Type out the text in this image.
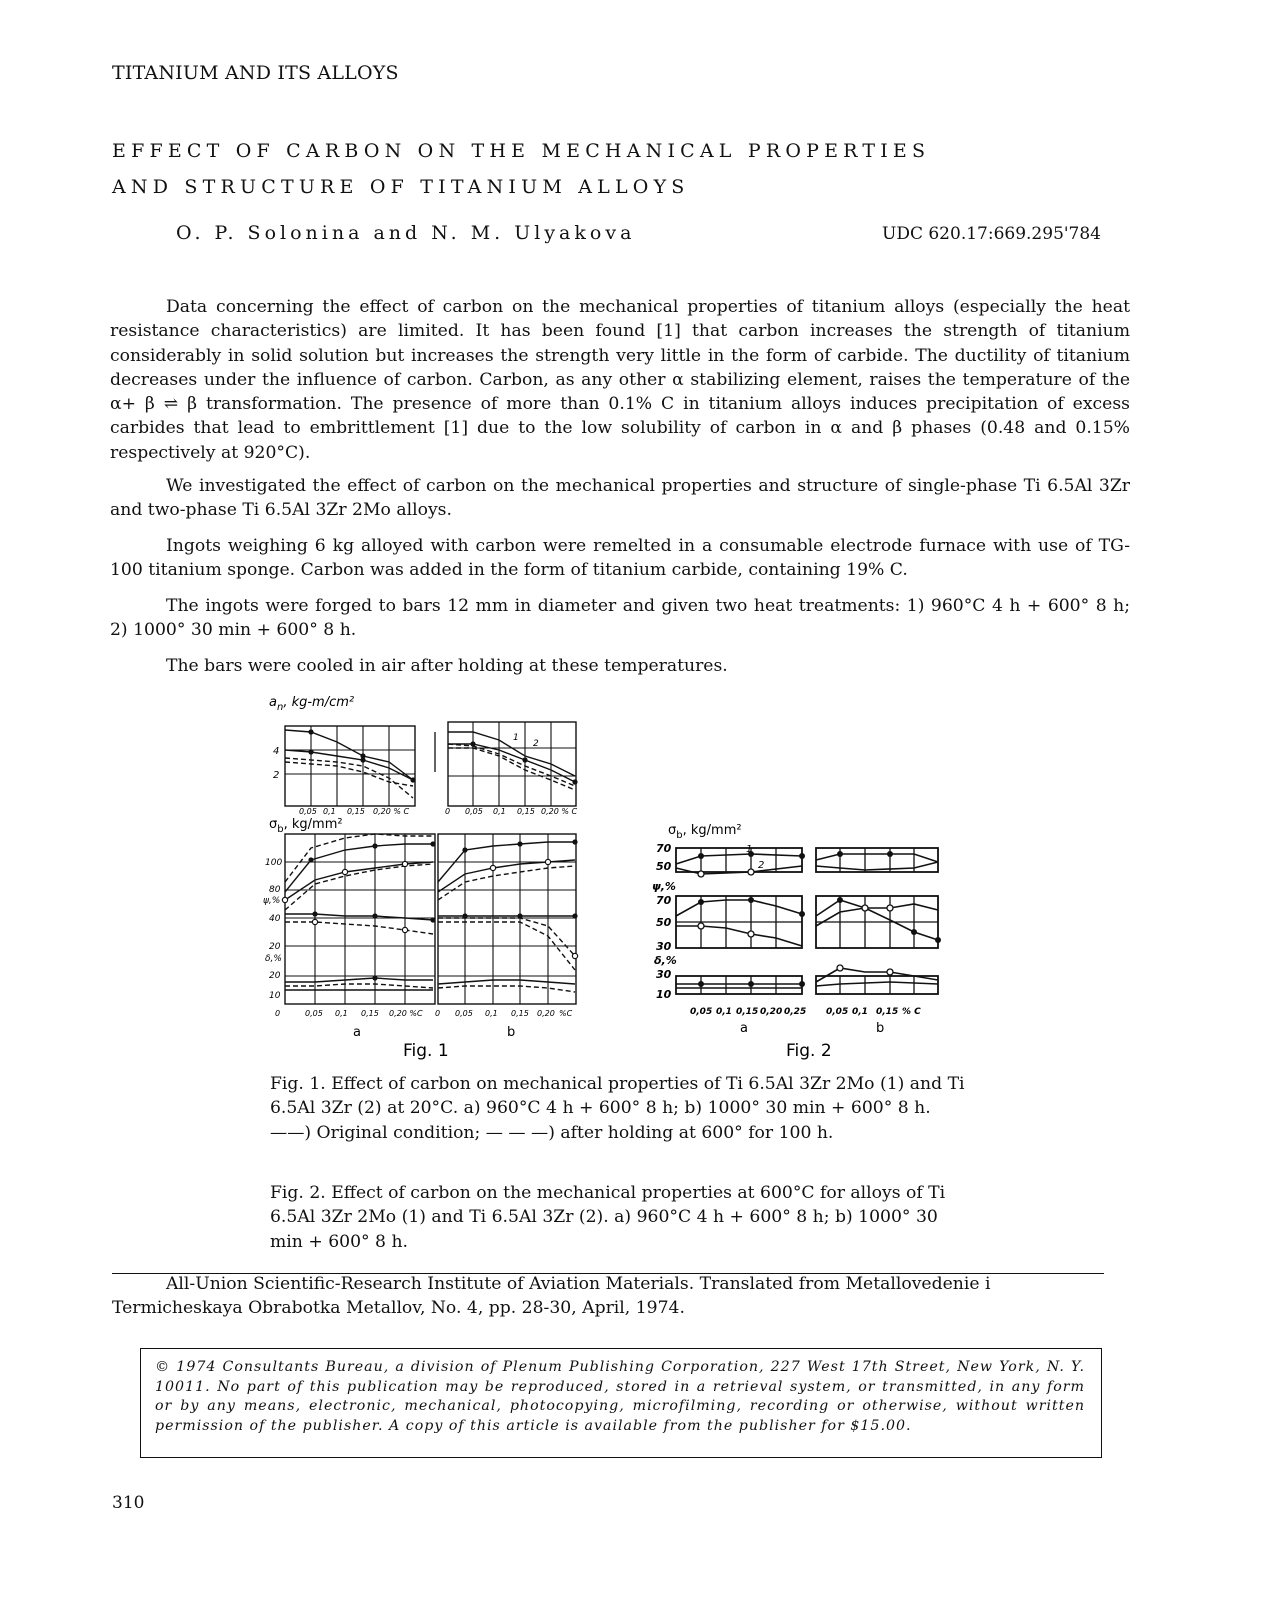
TITANIUM AND ITS ALLOYS
EFFECT OF CARBON ON THE MECHANICAL PROPERTIES
AND STRUCTURE OF TITANIUM ALLOYS
O. P. Solonina and N. M. Ulyakova	UDC 620.17:669.295'784

Data concerning the effect of carbon on the mechanical properties of titanium alloys (especially the heat resistance characteristics) are limited. It has been found [1] that carbon increases the strength of titanium considerably in solid solution but increases the strength very little in the form of carbide. The ductility of titanium decreases under the influence of carbon. Carbon, as any other α stabilizing element, raises the temperature of the α+ β ⇌ β transformation. The presence of more than 0.1% C in titanium alloys induces precipitation of excess carbides that lead to embrittlement [1] due to the low solubility of carbon in α and β phases (0.48 and 0.15% respectively at 920°C).

We investigated the effect of carbon on the mechanical properties and structure of single-phase Ti 6.5Al 3Zr and two-phase Ti 6.5Al 3Zr 2Mo alloys.

Ingots weighing 6 kg alloyed with carbon were remelted in a consumable electrode furnace with use of TG-100 titanium sponge. Carbon was added in the form of titanium carbide, containing 19% C.

The ingots were forged to bars 12 mm in diameter and given two heat treatments: 1) 960°C 4 h + 600° 8 h; 2) 1000° 30 min + 600° 8 h.

The bars were cooled in air after holding at these temperatures.

$a_n$, kg-m/cm²
4
2
0,05 0,1 0,15 0,20 % C	0 0,05 0,1 0,15 0,20 % C
$\sigma_b$, kg/mm²
100
80
ψ,%
40
20
δ,%
20
10
0	0,05 0,1 0,15 0,20 %C 0 0,05 0,1 0,15 0,20 %C
1
2
a	b
Fig. 1
$\sigma_b$, kg/mm²
70
50
ψ,%
70
50
30
δ,%
30
10
1
2
0,05 0,1 0,15 0,20 0,25 0,05 0,1 0,15 % C
a	b
Fig. 2
Fig. 1. Effect of carbon on mechanical properties of Ti 6.5Al 3Zr 2Mo (1) and Ti 6.5Al 3Zr (2) at 20°C. a) 960°C 4 h + 600° 8 h; b) 1000° 30 min + 600° 8 h. ——) Original condition; — — —) after holding at 600° for 100 h.
Fig. 2. Effect of carbon on the mechanical properties at 600°C for alloys of Ti 6.5Al 3Zr 2Mo (1) and Ti 6.5Al 3Zr (2). a) 960°C 4 h + 600° 8 h; b) 1000° 30 min + 600° 8 h.

All-Union Scientific-Research Institute of Aviation Materials. Translated from Metallovedenie i Termicheskaya Obrabotka Metallov, No. 4, pp. 28-30, April, 1974.

© 1974 Consultants Bureau, a division of Plenum Publishing Corporation, 227 West 17th Street, New York, N. Y. 10011. No part of this publication may be reproduced, stored in a retrieval system, or transmitted, in any form or by any means, electronic, mechanical, photocopying, microfilming, recording or otherwise, without written permission of the publisher. A copy of this article is available from the publisher for $15.00.

310
